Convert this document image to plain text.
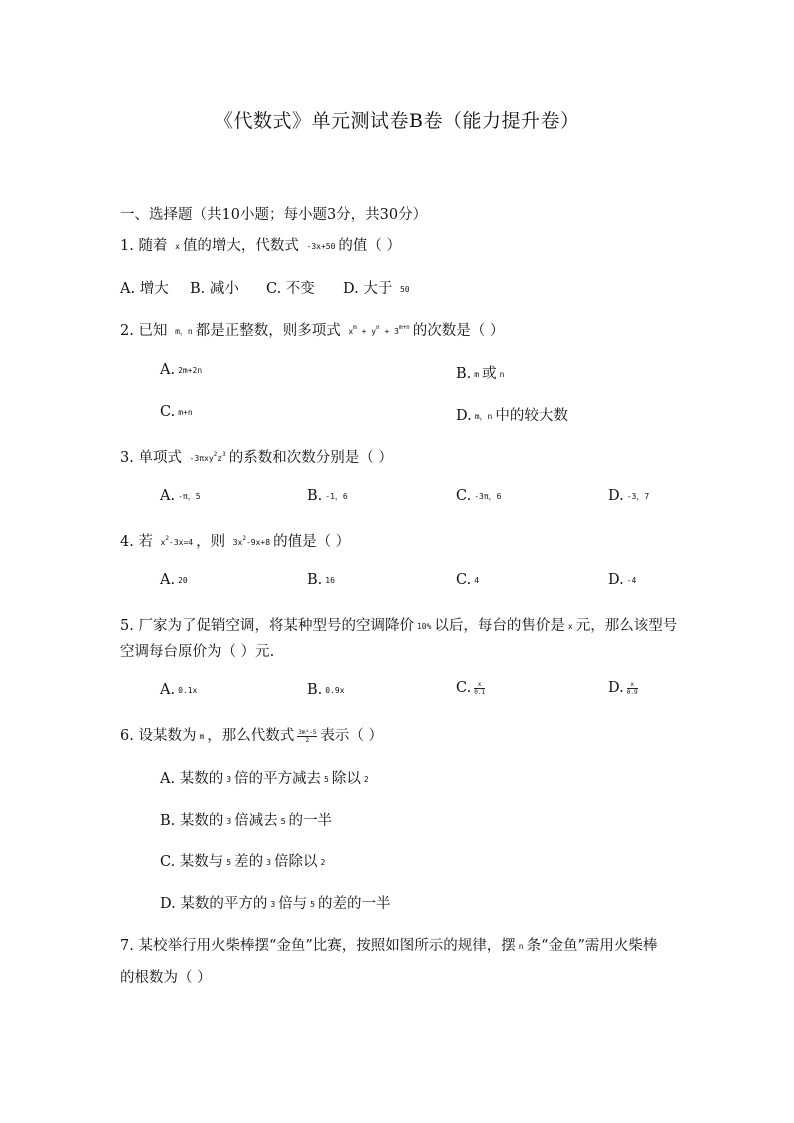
《代数式》单元测试卷B卷（能力提升卷）
一、选择题（共10小题；每小题3分，共30分）
1. 随着 x 值的增大，代数式 -3x+50 的值（ ）
A. 增大 B. 减小 C. 不变 D. 大于 50
2. 已知 m，n 都是正整数，则多项式 $x^m + y^n + 3^{m+n}$ 的次数是（ ）
A. 2m+2n	B. m 或 n
C. m+n	D. m，n 中的较大数
3. 单项式 $-3\pi xy^2z^3$ 的系数和次数分别是（ ）
A. -π，5	B. -1，6	C. -3π，6	D. -3，7
4. 若 $x^2-3x=4$ ，则 $3x^2-9x+8$ 的值是（ ）
A. 20	B. 16	C. 4	D. -4
5. 厂家为了促销空调，将某种型号的空调降价 10% 以后，每台的售价是 x 元，那么该型号
空调每台原价为（ ）元.
A. 0.1x	B. 0.9x	C. $\frac{x}{0.1}$	D. $\frac{x}{0.9}$
6. 设某数为 m ，那么代数式 $\frac{\text{3m²-5}}{2}$ 表示（ ）
A. 某数的 3 倍的平方减去 5 除以 2
B. 某数的 3 倍减去 5 的一半
C. 某数与 5 差的 3 倍除以 2
D. 某数的平方的 3 倍与 5 的差的一半
7. 某校举行用火柴棒摆“金鱼”比赛，按照如图所示的规律，摆 n 条“金鱼”需用火柴棒
的根数为（ ）
